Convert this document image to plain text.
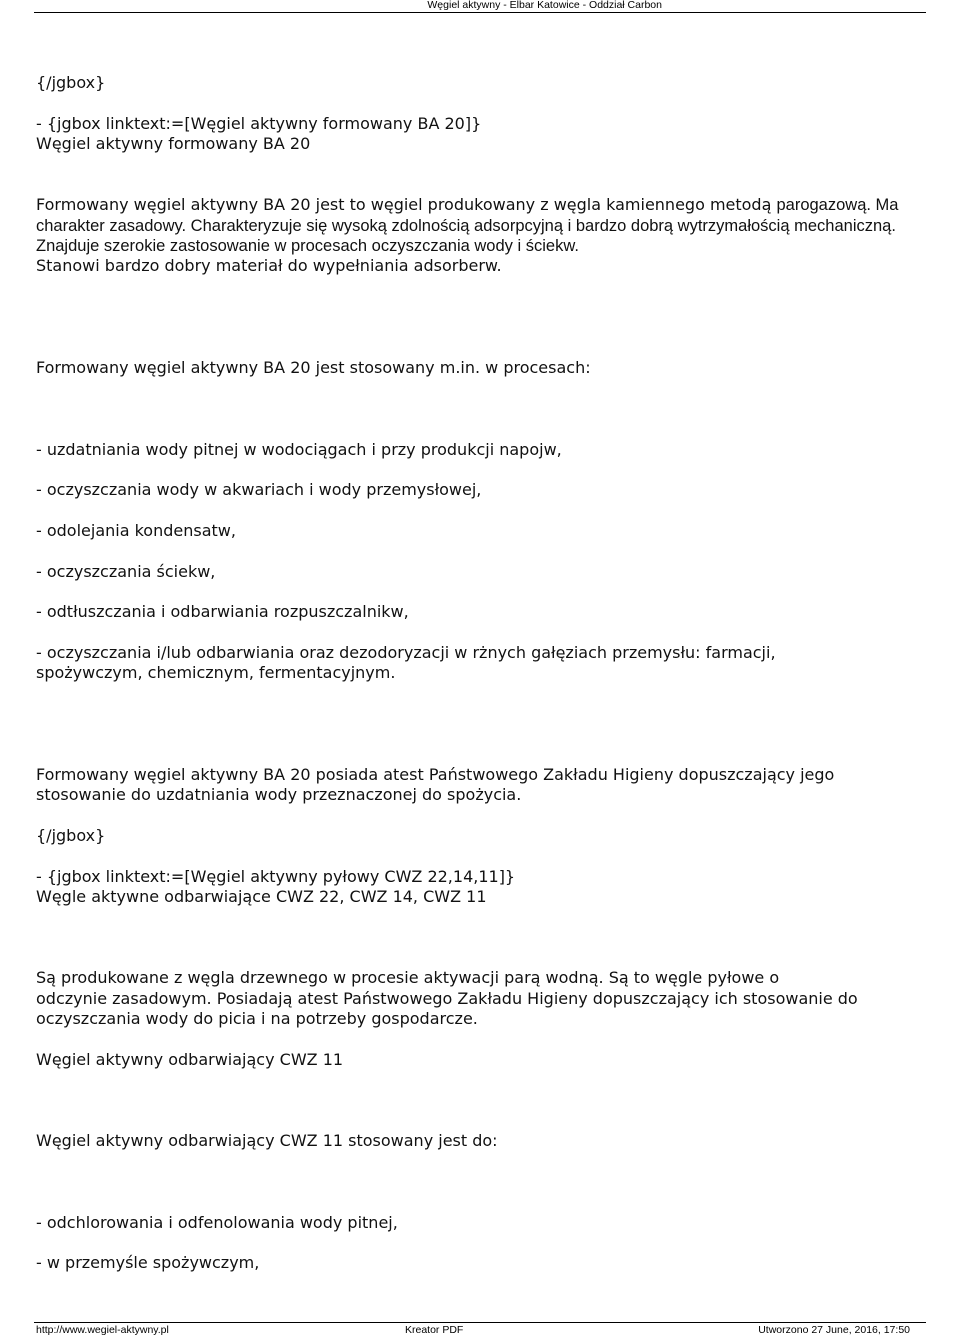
Węgiel aktywny - Elbar Katowice - Oddział Carbon
{/jgbox}
- {jgbox linktext:=[Węgiel aktywny formowany BA 20]}
Węgiel aktywny formowany BA 20
Formowany węgiel aktywny BA 20 jest to węgiel produkowany z węgla kamiennego metodą parogazową. Ma charakter zasadowy. Charakteryzuje się wysoką zdolnością adsorpcyjną i bardzo dobrą wytrzymałością mechaniczną. Znajduje szerokie zastosowanie w procesach oczyszczania wody i ściekw.
Stanowi bardzo dobry materiał do wypełniania adsorberw.
Formowany węgiel aktywny BA 20 jest stosowany m.in. w procesach:
- uzdatniania wody pitnej w wodociągach i przy produkcji napojw,
- oczyszczania wody w akwariach i wody przemysłowej,
- odolejania kondensatw,
- oczyszczania ściekw,
- odtłuszczania i odbarwiania rozpuszczalnikw,
- oczyszczania i/lub odbarwiania oraz dezodoryzacji w rżnych gałęziach przemysłu: farmacji,
spożywczym, chemicznym, fermentacyjnym.
Formowany węgiel aktywny BA 20 posiada atest Państwowego Zakładu Higieny dopuszczający jego
stosowanie do uzdatniania wody przeznaczonej do spożycia.
{/jgbox}
- {jgbox linktext:=[Węgiel aktywny pyłowy CWZ 22,14,11]}
Węgle aktywne odbarwiające CWZ 22, CWZ 14, CWZ 11
Są produkowane z węgla drzewnego w procesie aktywacji parą wodną. Są to węgle pyłowe o
odczynie zasadowym. Posiadają atest Państwowego Zakładu Higieny dopuszczający ich stosowanie do
oczyszczania wody do picia i na potrzeby gospodarcze.
Węgiel aktywny odbarwiający CWZ 11
Węgiel aktywny odbarwiający CWZ 11 stosowany jest do:
- odchlorowania i odfenolowania wody pitnej,
- w przemyśle spożywczym,
http://www.wegiel-aktywny.pl	Kreator PDF	Utworzono 27 June, 2016, 17:50
